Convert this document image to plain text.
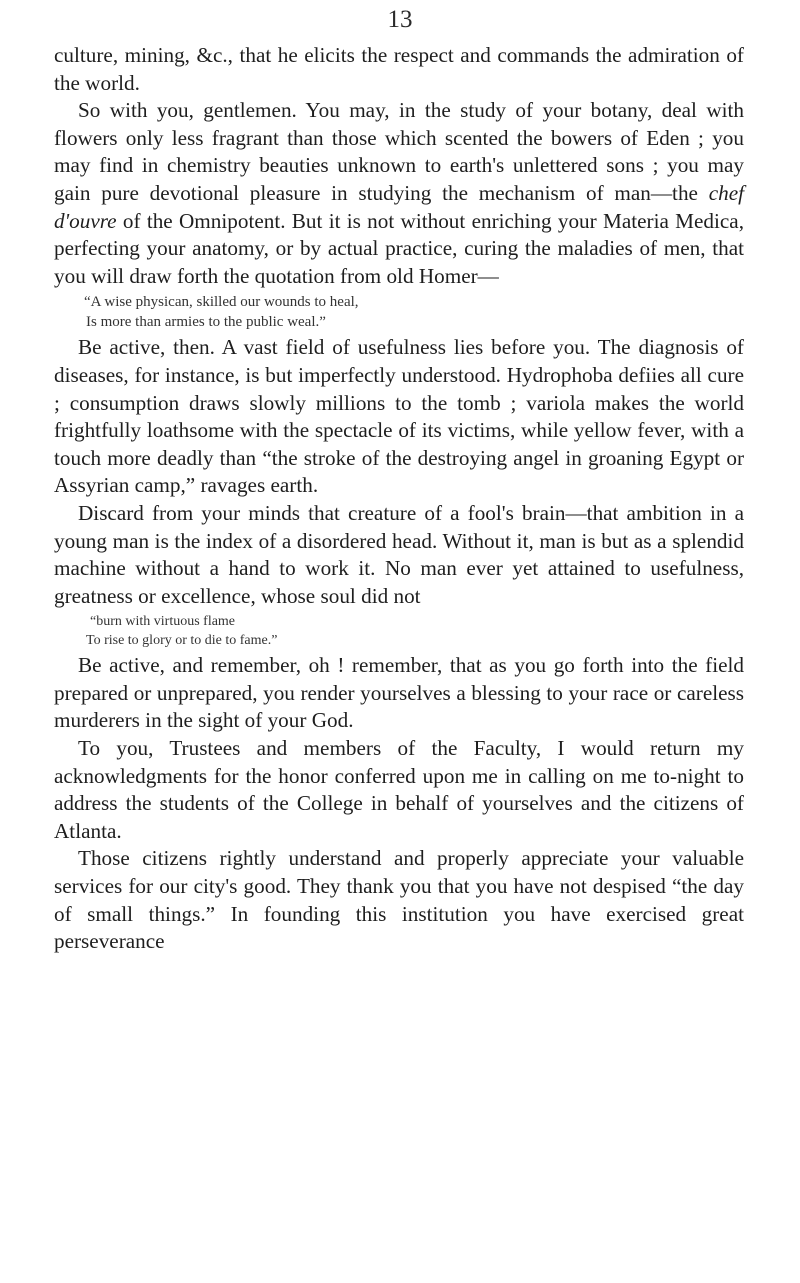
13

culture, mining, &c., that he elicits the respect and commands the admiration of the world.

So with you, gentlemen. You may, in the study of your botany, deal with flowers only less fragrant than those which scented the bowers of Eden ; you may find in chemistry beauties unknown to earth's unlettered sons ; you may gain pure devotional pleasure in studying the mechanism of man—the chef d'ouvre of the Omnipotent. But it is not without enriching your Materia Medica, perfecting your anatomy, or by actual practice, curing the maladies of men, that you will draw forth the quotation from old Homer—

“A wise physican, skilled our wounds to heal,
Is more than armies to the public weal.”

Be active, then. A vast field of usefulness lies before you. The diagnosis of diseases, for instance, is but imperfectly understood. Hydrophoba defiies all cure ; consumption draws slowly millions to the tomb ; variola makes the world frightfully loathsome with the spectacle of its victims, while yellow fever, with a touch more deadly than “the stroke of the destroying angel in groaning Egypt or Assyrian camp,” ravages earth.

Discard from your minds that creature of a fool's brain—that ambition in a young man is the index of a disordered head. Without it, man is but as a splendid machine without a hand to work it. No man ever yet attained to usefulness, greatness or excellence, whose soul did not

“burn with virtuous flame
To rise to glory or to die to fame.”

Be active, and remember, oh ! remember, that as you go forth into the field prepared or unprepared, you render yourselves a blessing to your race or careless murderers in the sight of your God.

To you, Trustees and members of the Faculty, I would return my acknowledgments for the honor conferred upon me in calling on me to-night to address the students of the College in behalf of yourselves and the citizens of Atlanta.

Those citizens rightly understand and properly appreciate your valuable services for our city's good. They thank you that you have not despised “the day of small things.” In founding this institution you have exercised great perseverance
